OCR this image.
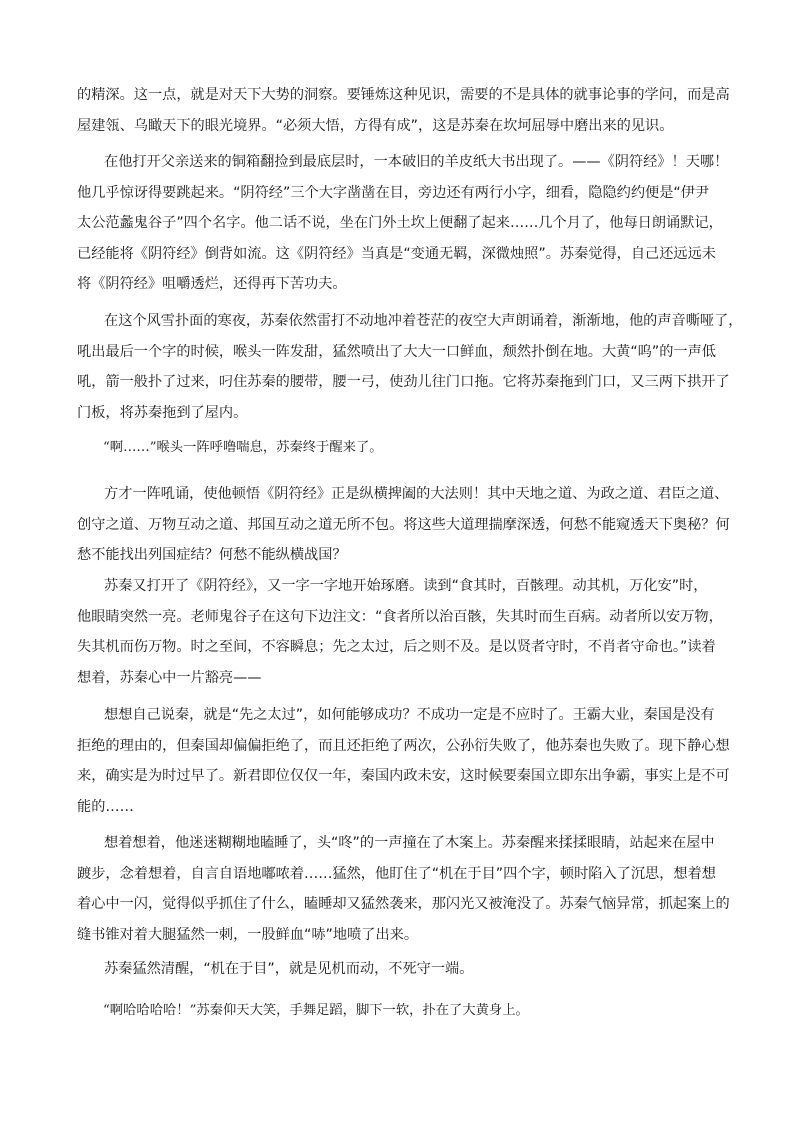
的精深。这一点，就是对天下大势的洞察。要锤炼这种见识，需要的不是具体的就事论事的学问，而是高
屋建瓴、乌瞰天下的眼光境界。“必须大悟，方得有成”，这是苏秦在坎坷屈辱中磨出来的见识。
在他打开父亲送来的铜箱翻捡到最底层时，一本破旧的羊皮纸大书出现了。——《阴符经》！天哪！
他几乎惊讶得要跳起来。“阴符经”三个大字凿凿在目，旁边还有两行小字，细看，隐隐约约便是“伊尹
太公范蠡鬼谷子”四个名字。他二话不说，坐在门外土坎上便翻了起来……几个月了，他每日朗诵默记，
已经能将《阴符经》倒背如流。这《阴符经》当真是“变通无羁，深微烛照”。苏秦觉得，自己还远远未
将《阴符经》咀嚼透烂，还得再下苦功夫。
在这个风雪扑面的寒夜，苏秦依然雷打不动地冲着苍茫的夜空大声朗诵着，渐渐地，他的声音嘶哑了，
吼出最后一个字的时候，喉头一阵发甜，猛然喷出了大大一口鲜血，颓然扑倒在地。大黄“呜”的一声低
吼，箭一般扑了过来，叼住苏秦的腰带，腰一弓，使劲儿往门口拖。它将苏秦拖到门口，又三两下拱开了
门板，将苏秦拖到了屋内。
“啊……”喉头一阵呼噜喘息，苏秦终于醒来了。
方才一阵吼诵，使他顿悟《阴符经》正是纵横捭阖的大法则！其中天地之道、为政之道、君臣之道、
创守之道、万物互动之道、邦国互动之道无所不包。将这些大道理揣摩深透，何愁不能窥透天下奥秘？何
愁不能找出列国症结？何愁不能纵横战国？
苏秦又打开了《阴符经》，又一字一字地开始琢磨。读到“食其时，百骸理。动其机，万化安”时，
他眼睛突然一亮。老师鬼谷子在这句下边注文：“食者所以治百骸，失其时而生百病。动者所以安万物，
失其机而伤万物。时之至间，不容瞬息；先之太过，后之则不及。是以贤者守时，不肖者守命也。”读着
想着，苏秦心中一片豁亮——
想想自己说秦，就是“先之太过”，如何能够成功？不成功一定是不应时了。王霸大业，秦国是没有
拒绝的理由的，但秦国却偏偏拒绝了，而且还拒绝了两次，公孙衍失败了，他苏秦也失败了。现下静心想
来，确实是为时过早了。新君即位仅仅一年，秦国内政未安，这时候要秦国立即东出争霸，事实上是不可
能的……
想着想着，他迷迷糊糊地瞌睡了，头“咚”的一声撞在了木案上。苏秦醒来揉揉眼睛，站起来在屋中
踱步，念着想着，自言自语地嘟哝着……猛然，他盯住了“机在于目”四个字，顿时陷入了沉思，想着想
着心中一闪，觉得似乎抓住了什么，瞌睡却又猛然袭来，那闪光又被淹没了。苏秦气恼异常，抓起案上的
缝书锥对着大腿猛然一刺，一股鲜血“哧”地喷了出来。
苏秦猛然清醒，“机在于目”，就是见机而动，不死守一端。
“啊哈哈哈哈！”苏秦仰天大笑，手舞足蹈，脚下一软，扑在了大黄身上。
